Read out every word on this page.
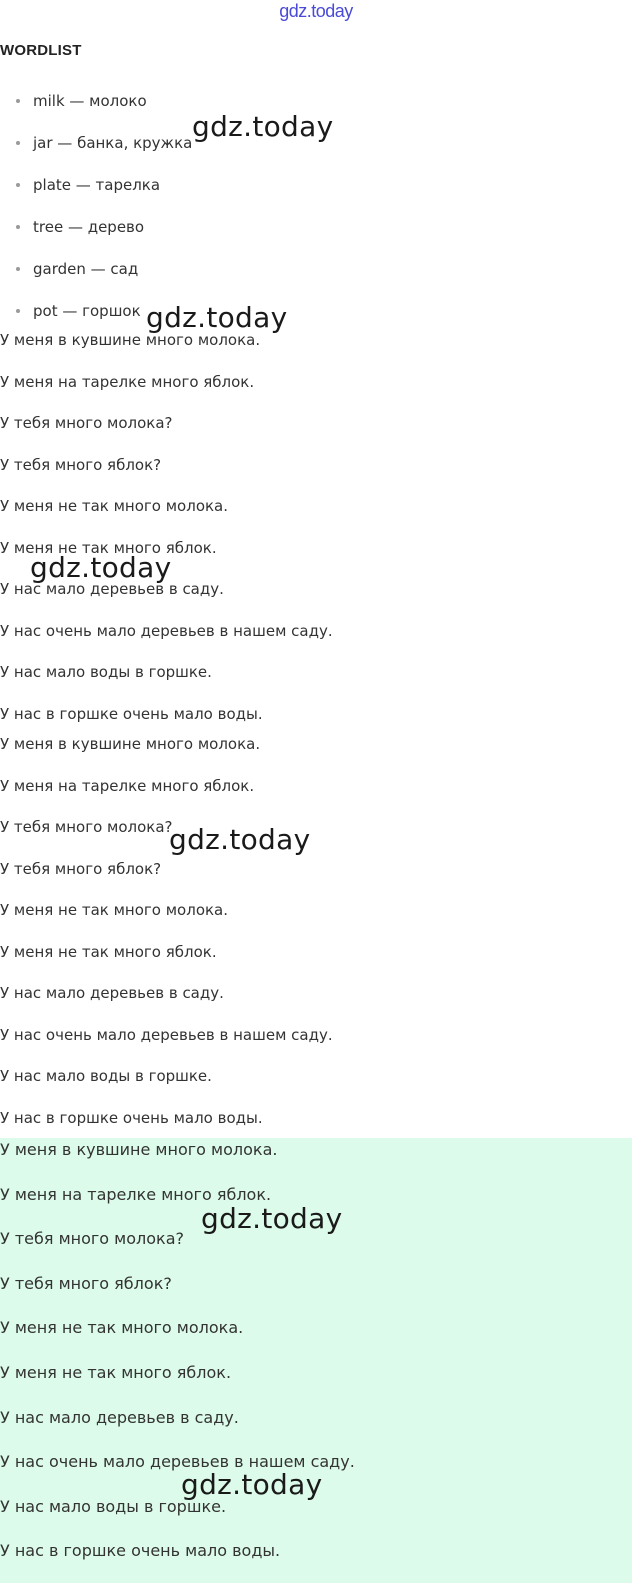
gdz.today
WORDLIST
milk — молоко
jar — банка, кружка
plate — тарелка
tree — дерево
garden — сад
pot — горшок
У меня в кувшине много молока.
У меня на тарелке много яблок.
У тебя много молока?
У тебя много яблок?
У меня не так много молока.
У меня не так много яблок.
У нас мало деревьев в саду.
У нас очень мало деревьев в нашем саду.
У нас мало воды в горшке.
У нас в горшке очень мало воды.
У меня в кувшине много молока.
У меня на тарелке много яблок.
У тебя много молока?
У тебя много яблок?
У меня не так много молока.
У меня не так много яблок.
У нас мало деревьев в саду.
У нас очень мало деревьев в нашем саду.
У нас мало воды в горшке.
У нас в горшке очень мало воды.
У меня в кувшине много молока.
У меня на тарелке много яблок.
У тебя много молока?
У тебя много яблок?
У меня не так много молока.
У меня не так много яблок.
У нас мало деревьев в саду.
У нас очень мало деревьев в нашем саду.
У нас мало воды в горшке.
У нас в горшке очень мало воды.
gdz.today
gdz.today
gdz.today
gdz.today
gdz.today
gdz.today
